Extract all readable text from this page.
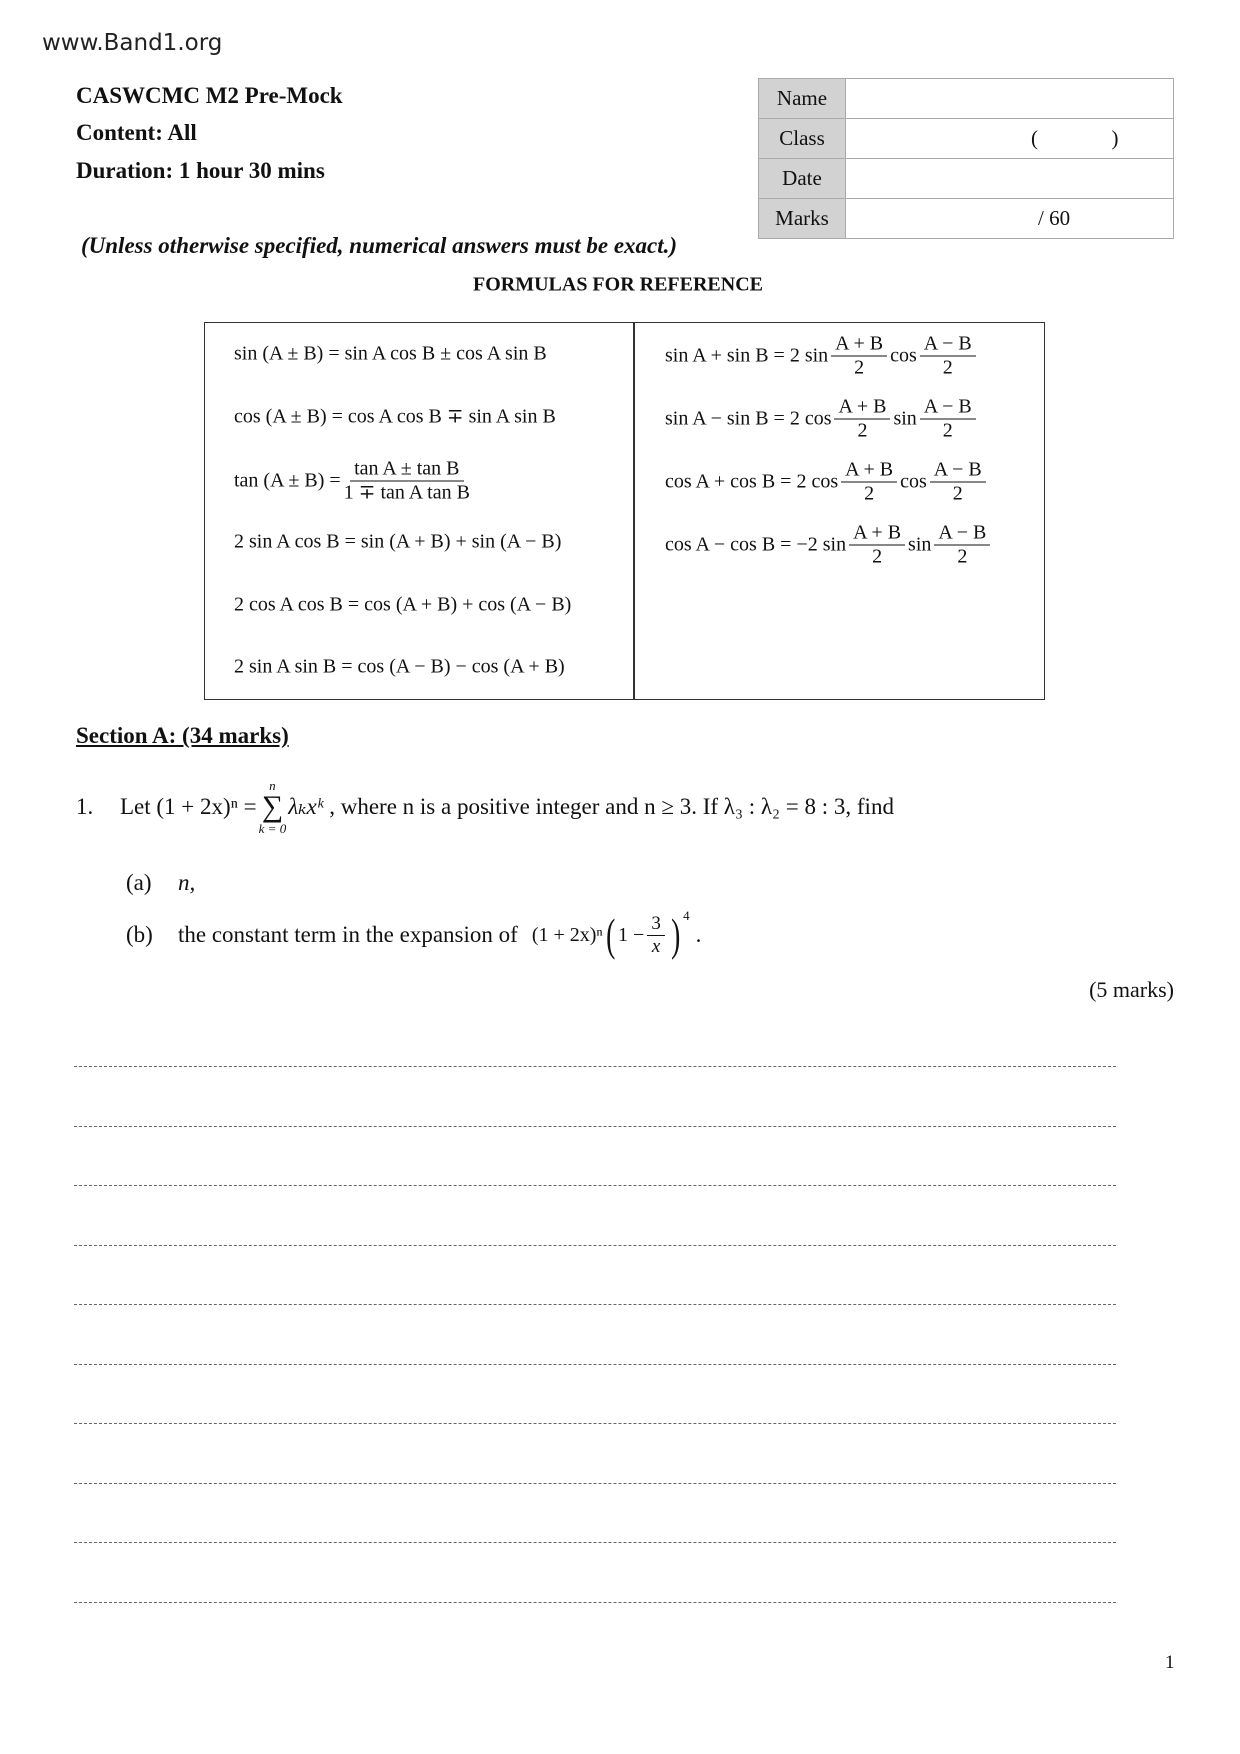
www.Band1.org
CASWCMC M2 Pre-Mock
Content: All
Duration: 1 hour 30 mins
Name	
Class	(              )
Date	
Marks	/ 60
(Unless otherwise specified, numerical answers must be exact.)
FORMULAS FOR REFERENCE
sin (A ± B) = sin A cos B ± cos A sin B
cos (A ± B) = cos A cos B ∓ sin A sin B
$\tan (A \pm B) = \frac{\text{tan A ± tan B}}{\text{1 ∓ tan A tan B}}$
2 sin A cos B = sin (A + B) + sin (A − B)
2 cos A cos B = cos (A + B) + cos (A − B)
2 sin A sin B = cos (A − B) − cos (A + B)
sin A + sin B = 2 $\sin \frac{A + B}{2}$ $\cos \frac{A - B}{2}$
sin A − sin B = 2 $\cos \frac{A + B}{2}$ $\sin \frac{A - B}{2}$
cos A + cos B = 2 $\cos \frac{A + B}{2}$ $\cos \frac{A - B}{2}$
cos A − cos B = −2 $\sin \frac{A + B}{2}$ $\sin \frac{A - B}{2}$
Section A: (34 marks)
1.	Let (1 + 2x)ⁿ =
n
∑
k = 0
λₖxᵏ , where n is a positive integer and n ≥ 3. If λ₃ : λ₂ = 8 : 3, find
(a)	n,
(b)	the constant term in the expansion of (1 + 2x)ⁿ ( $1 - \frac{3}{x}$ ) 4
.
(5 marks)
1
